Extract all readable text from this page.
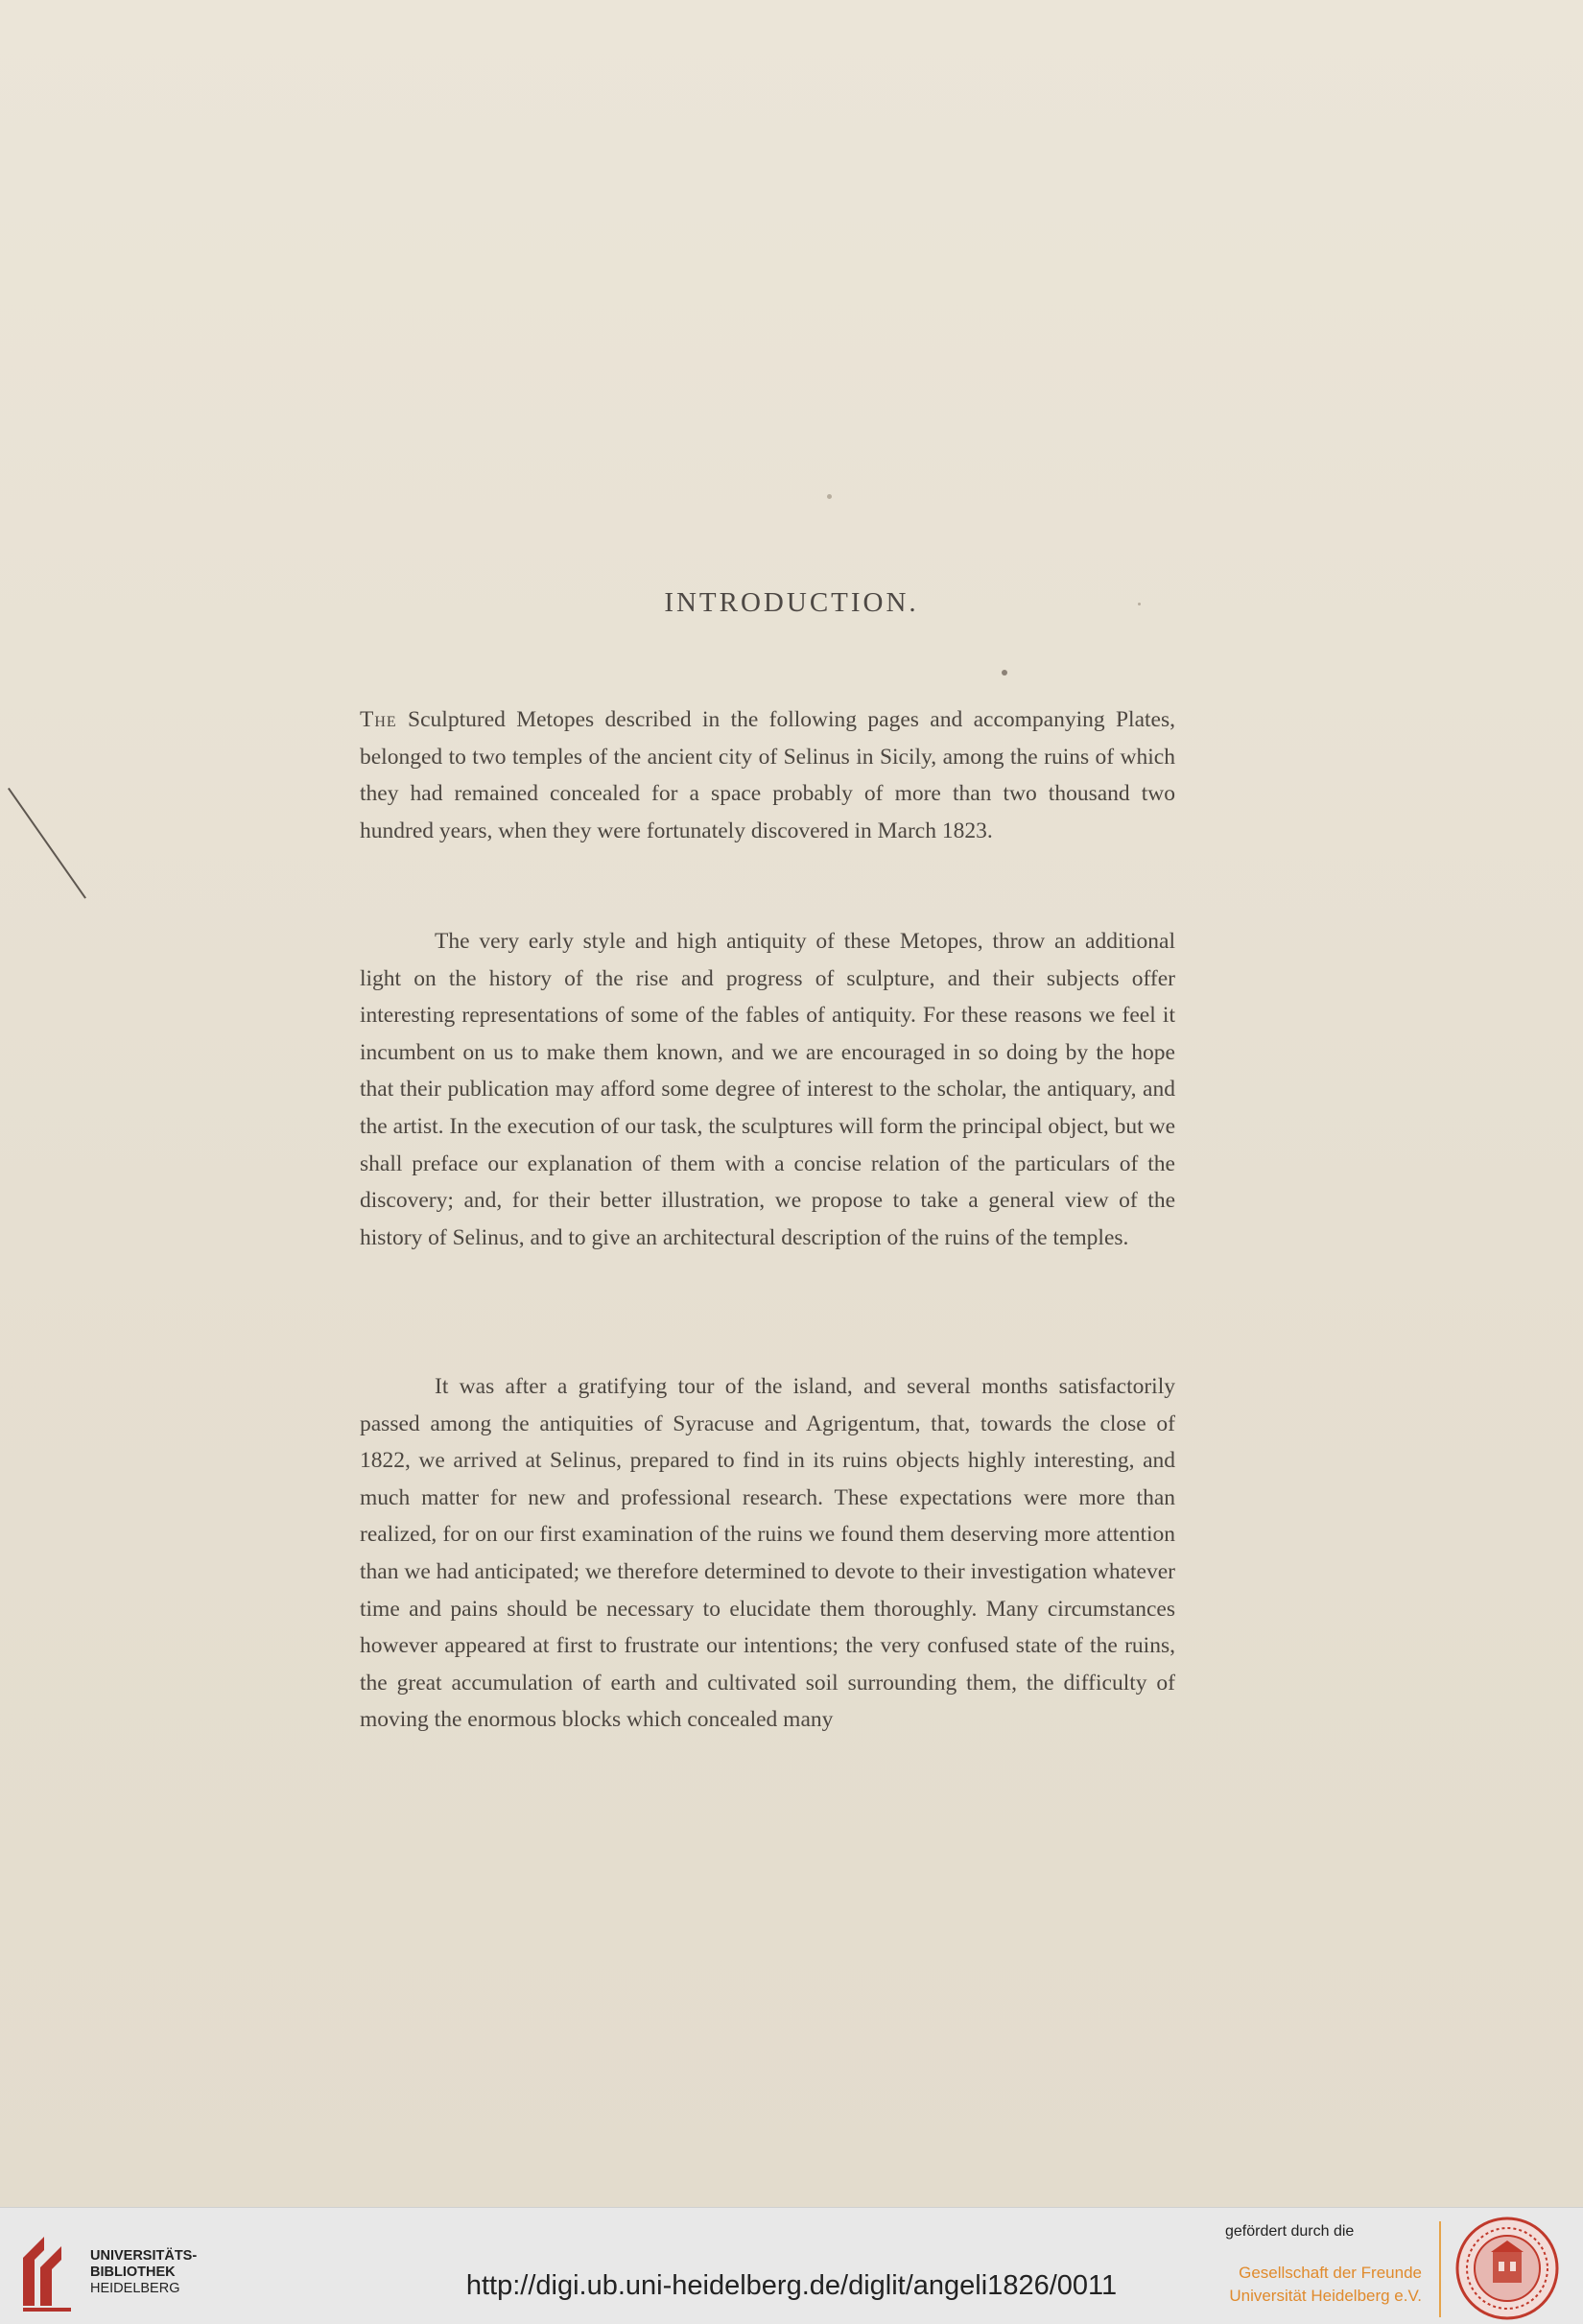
INTRODUCTION.

The Sculptured Metopes described in the following pages and accompanying Plates, belonged to two temples of the ancient city of Selinus in Sicily, among the ruins of which they had remained concealed for a space probably of more than two thousand two hundred years, when they were fortunately discovered in March 1823.

The very early style and high antiquity of these Metopes, throw an additional light on the history of the rise and progress of sculpture, and their subjects offer interesting representations of some of the fables of antiquity. For these reasons we feel it incumbent on us to make them known, and we are encouraged in so doing by the hope that their publication may afford some degree of interest to the scholar, the antiquary, and the artist. In the execution of our task, the sculptures will form the principal object, but we shall preface our explanation of them with a concise relation of the particulars of the discovery; and, for their better illustration, we propose to take a general view of the history of Selinus, and to give an architectural description of the ruins of the temples.

It was after a gratifying tour of the island, and several months satisfactorily passed among the antiquities of Syracuse and Agrigentum, that, towards the close of 1822, we arrived at Selinus, prepared to find in its ruins objects highly interesting, and much matter for new and professional research. These expectations were more than realized, for on our first examination of the ruins we found them deserving more attention than we had anticipated; we therefore determined to devote to their investigation whatever time and pains should be necessary to elucidate them thoroughly. Many circumstances however appeared at first to frustrate our intentions; the very confused state of the ruins, the great accumulation of earth and cultivated soil surrounding them, the difficulty of moving the enormous blocks which concealed many

UNIVERSITÄTS-
BIBLIOTHEK
HEIDELBERG	http://digi.ub.uni-heidelberg.de/diglit/angeli1826/0011
gefördert durch die
Gesellschaft der Freunde
Universität Heidelberg e.V.
